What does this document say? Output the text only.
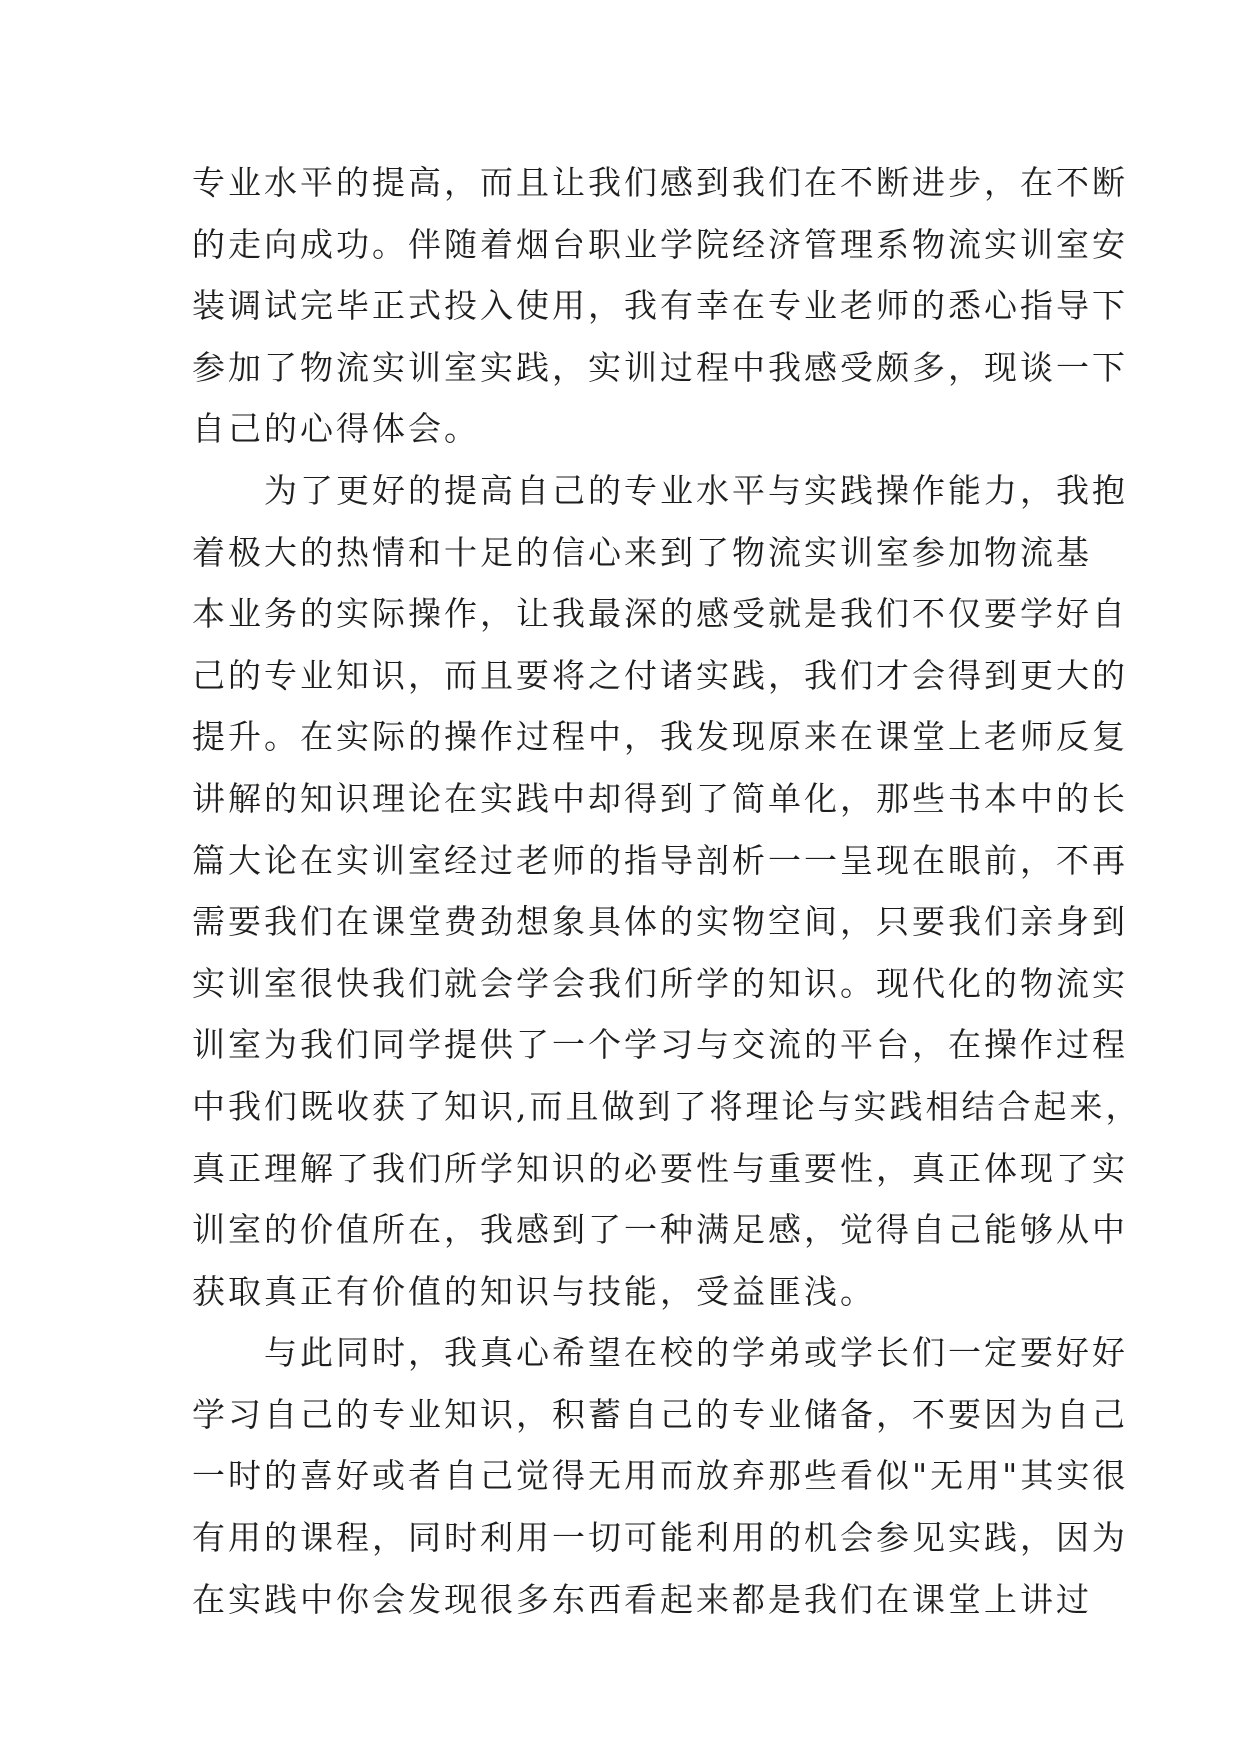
专业水平的提高，而且让我们感到我们在不断进步，在不断
的走向成功。伴随着烟台职业学院经济管理系物流实训室安
装调试完毕正式投入使用，我有幸在专业老师的悉心指导下
参加了物流实训室实践，实训过程中我感受颇多，现谈一下
自己的心得体会。
为了更好的提高自己的专业水平与实践操作能力，我抱
着极大的热情和十足的信心来到了物流实训室参加物流基
本业务的实际操作，让我最深的感受就是我们不仅要学好自
己的专业知识，而且要将之付诸实践，我们才会得到更大的
提升。在实际的操作过程中，我发现原来在课堂上老师反复
讲解的知识理论在实践中却得到了简单化，那些书本中的长
篇大论在实训室经过老师的指导剖析一一呈现在眼前，不再
需要我们在课堂费劲想象具体的实物空间，只要我们亲身到
实训室很快我们就会学会我们所学的知识。现代化的物流实
训室为我们同学提供了一个学习与交流的平台，在操作过程
中我们既收获了知识,而且做到了将理论与实践相结合起来，
真正理解了我们所学知识的必要性与重要性，真正体现了实
训室的价值所在，我感到了一种满足感，觉得自己能够从中
获取真正有价值的知识与技能，受益匪浅。
与此同时，我真心希望在校的学弟或学长们一定要好好
学习自己的专业知识，积蓄自己的专业储备，不要因为自己
一时的喜好或者自己觉得无用而放弃那些看似"无用"其实很
有用的课程，同时利用一切可能利用的机会参见实践，因为
在实践中你会发现很多东西看起来都是我们在课堂上讲过
